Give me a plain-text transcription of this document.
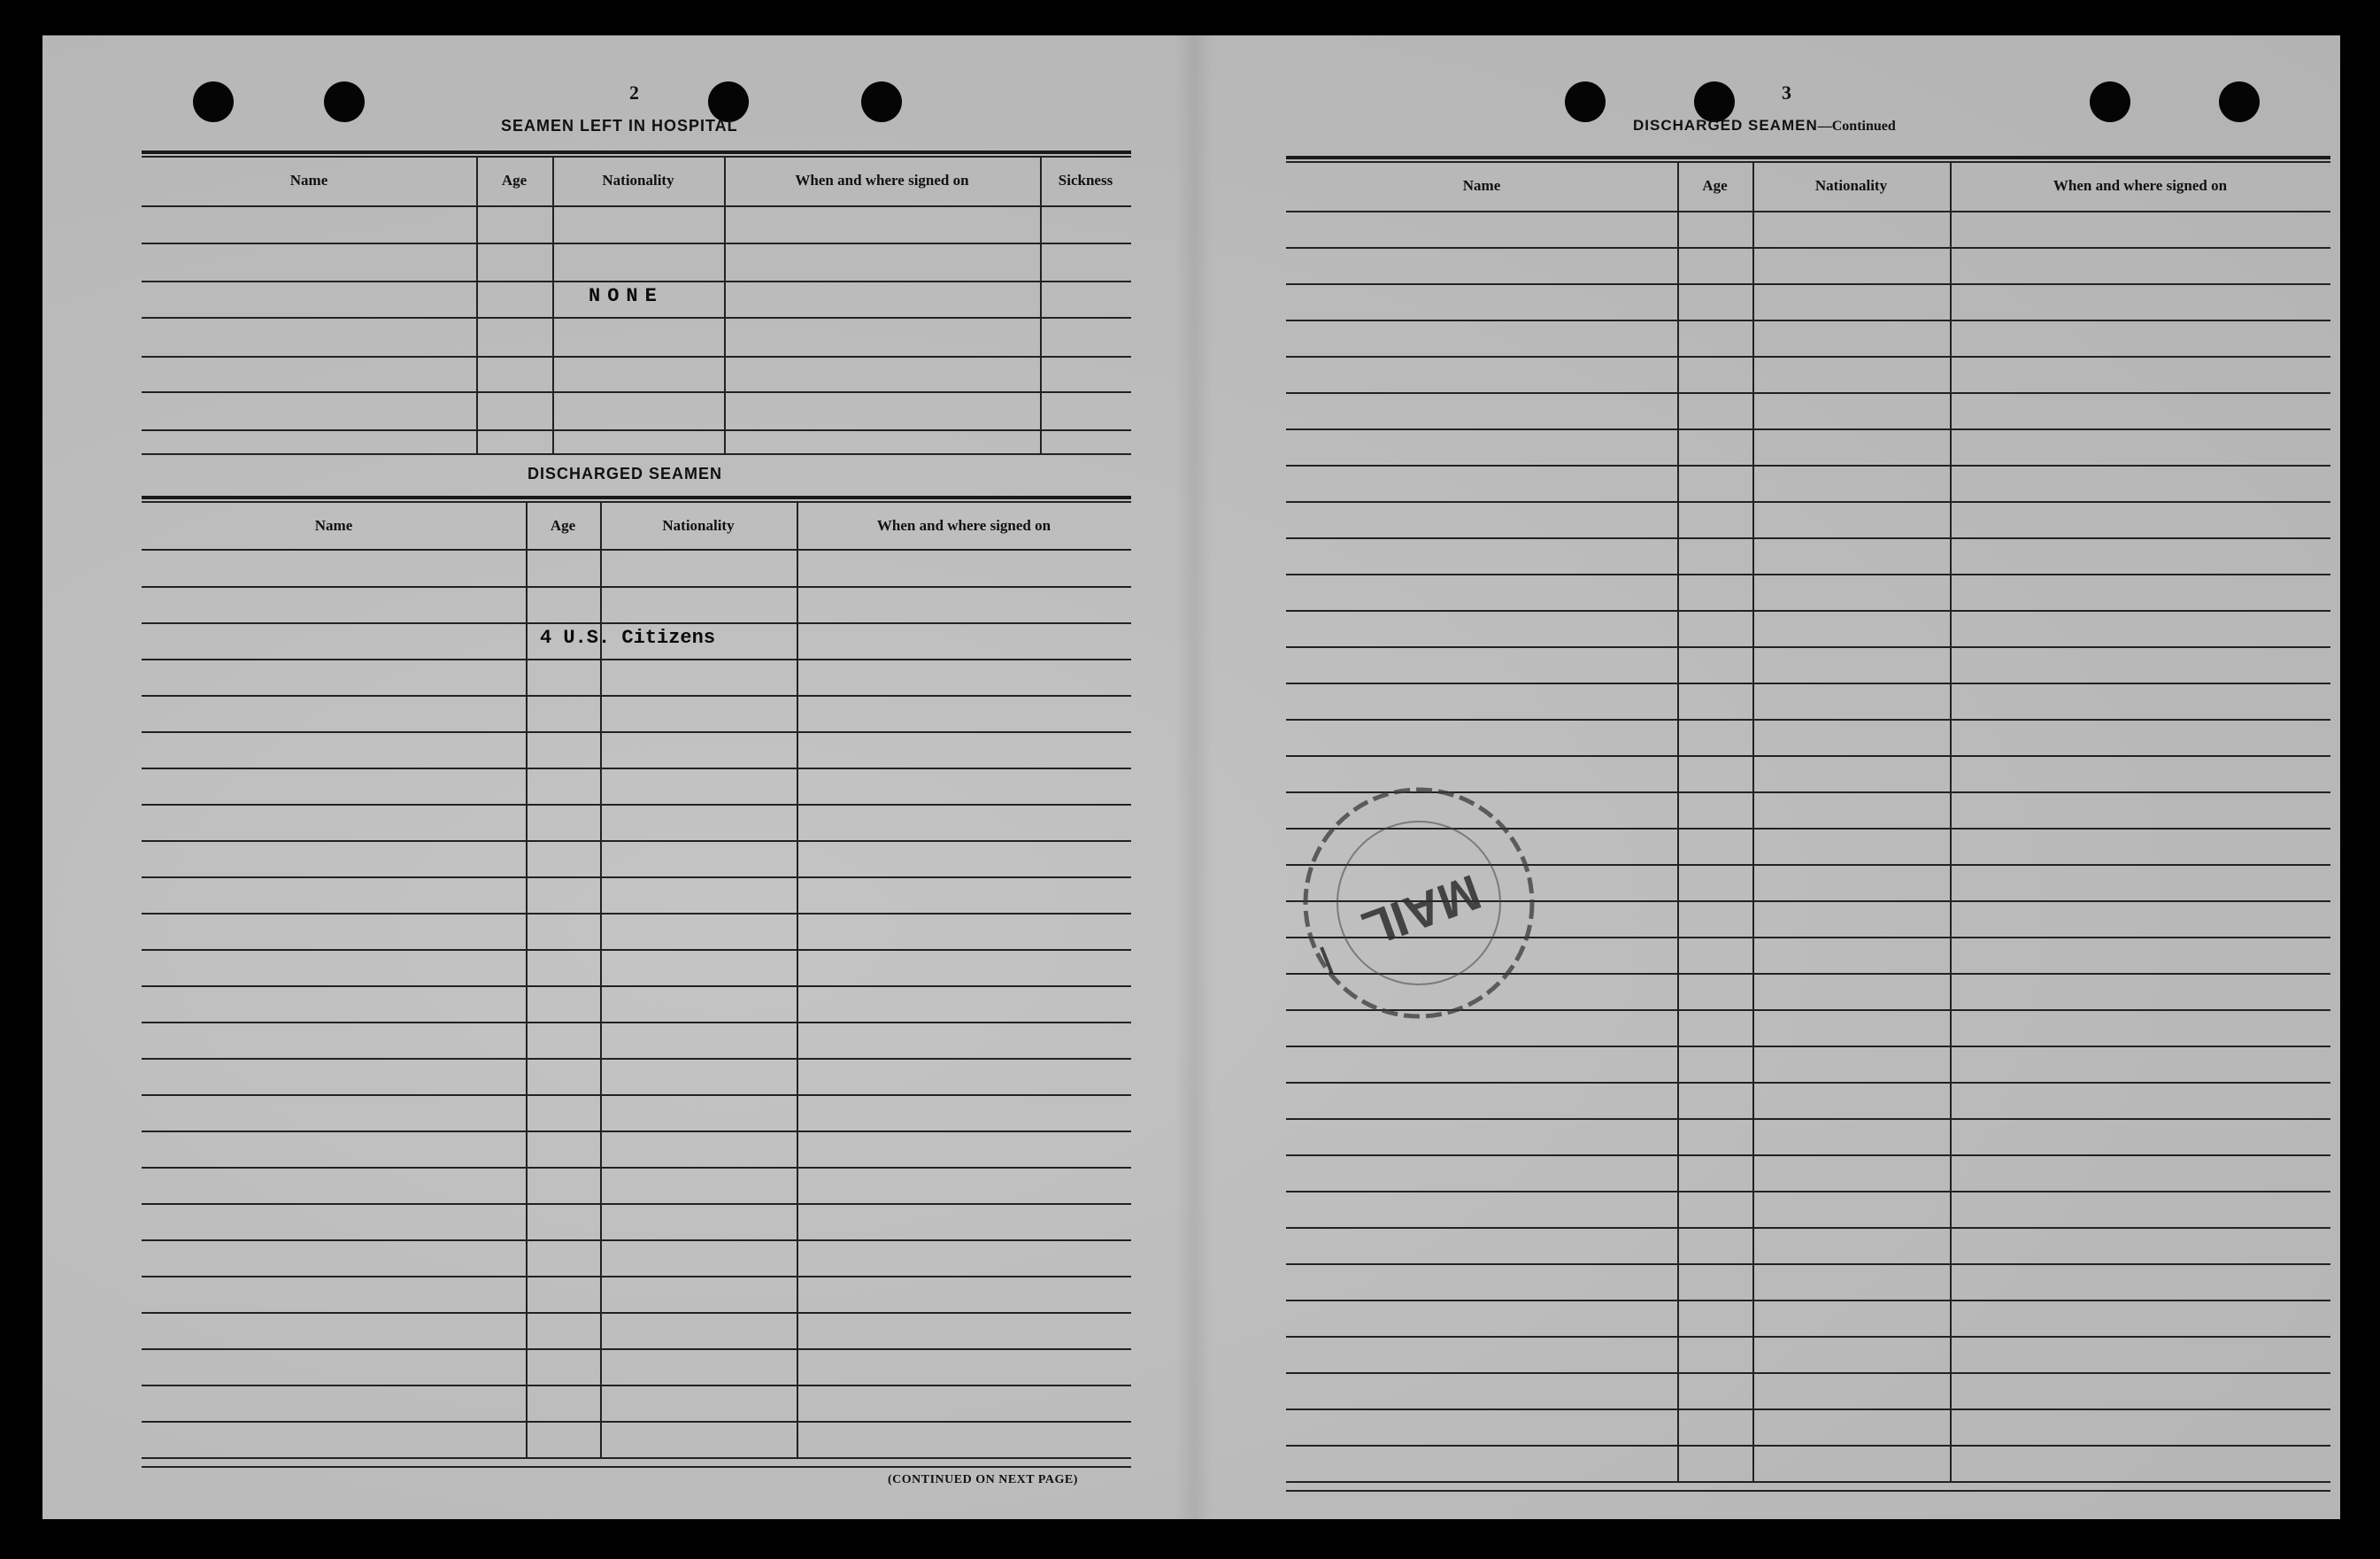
2
SEAMEN LEFT IN HOSPITAL
Name	Age	Nationality	When and where signed on	Sickness
NONE
DISCHARGED SEAMEN
Name	Age	Nationality	When and where signed on
4 U.S. Citizens
(CONTINUED ON NEXT PAGE)
3
DISCHARGED SEAMEN—Continued
Name	Age	Nationality	When and where signed on
MAIL
